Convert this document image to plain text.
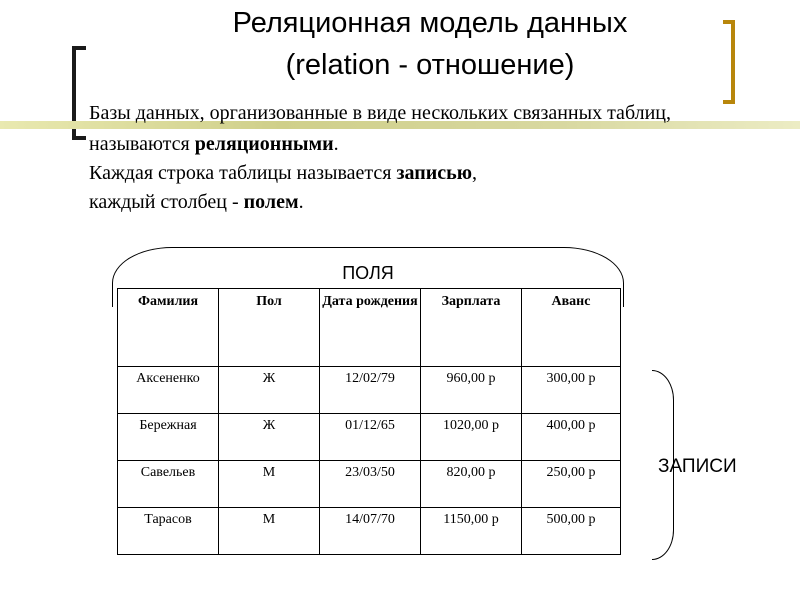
Реляционная модель данных
(relation - отношение)
Базы данных, организованные в виде нескольких связанных таблиц,
называются реляционными.
Каждая строка таблицы называется записью,
каждый столбец - полем.
ПОЛЯ
Фамилия	Пол	Дата рождения	Зарплата	Аванс
Аксененко	Ж	12/02/79	960,00 р	300,00 р
Бережная	Ж	01/12/65	1020,00 р	400,00 р
Савельев	М	23/03/50	820,00 р	250,00 р
Тарасов	М	14/07/70	1150,00 р	500,00 р
ЗАПИСИ
